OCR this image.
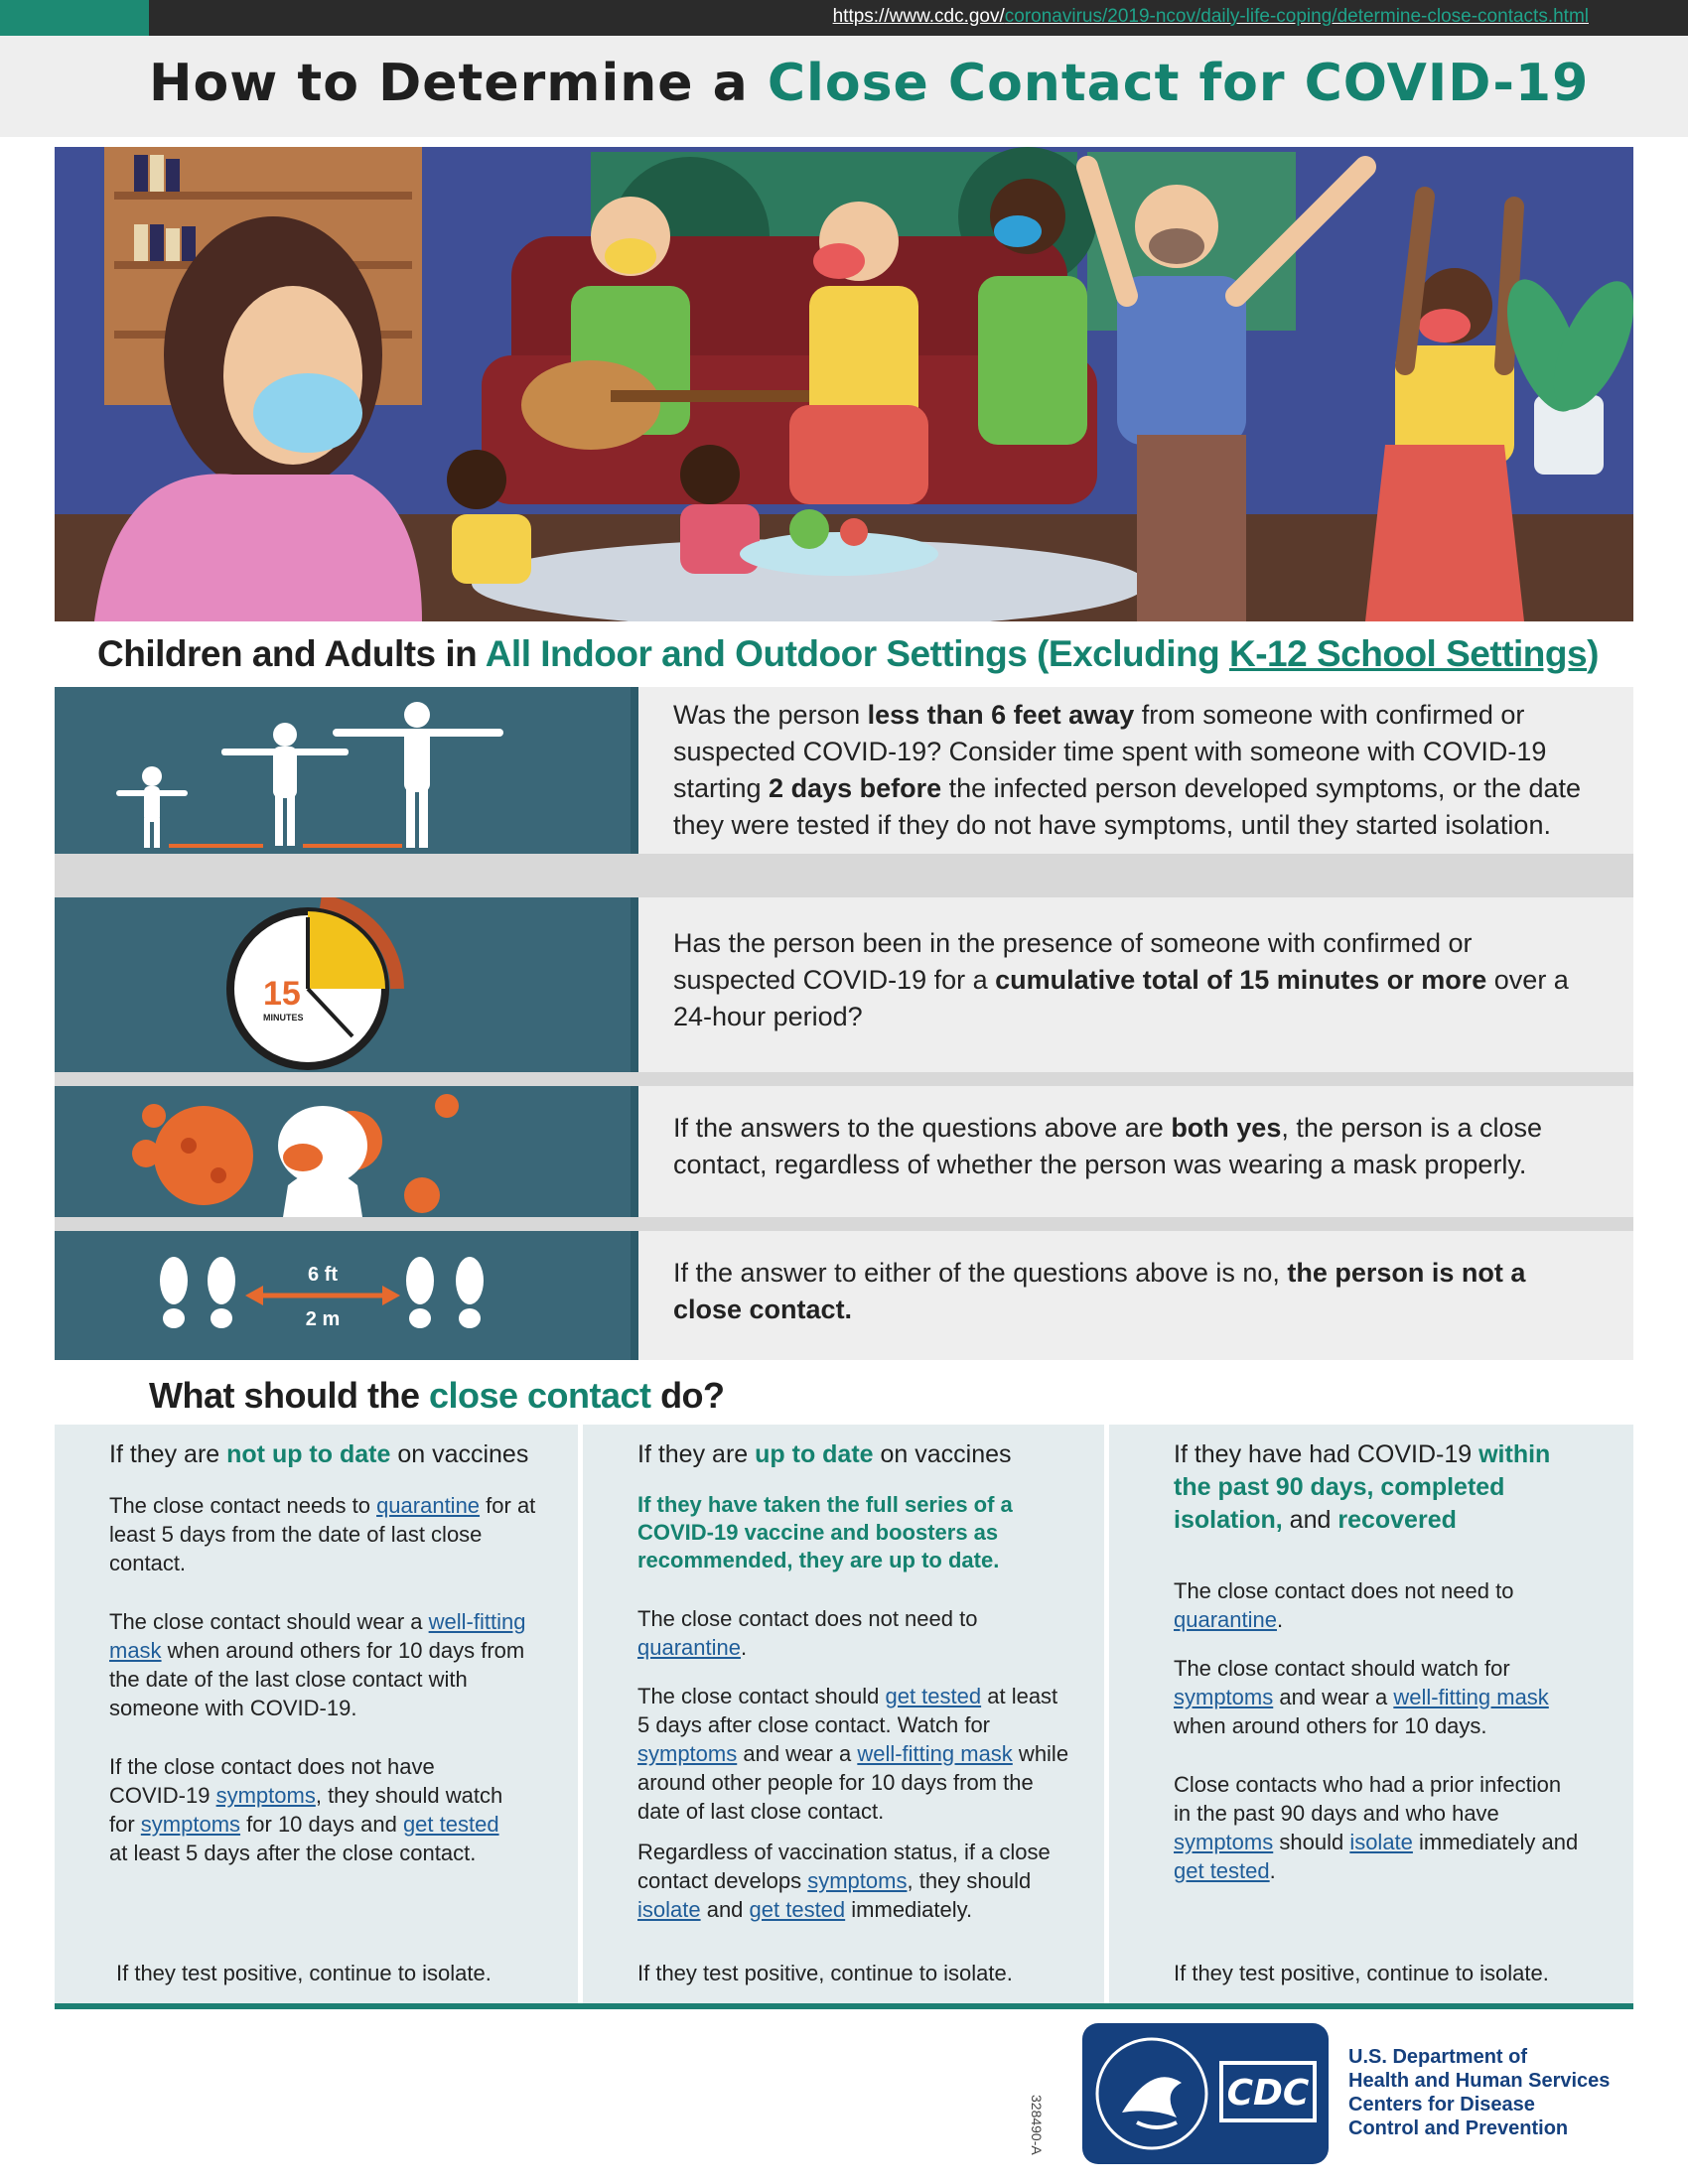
https://www.cdc.gov/coronavirus/2019-ncov/daily-life-coping/determine-close-contacts.html
How to Determine a Close Contact for COVID-19
Children and Adults in All Indoor and Outdoor Settings (Excluding K-12 School Settings)
Was the person less than 6 feet away from someone with confirmed or suspected COVID-19? Consider time spent with someone with COVID-19 starting 2 days before the infected person developed symptoms, or the date they were tested if they do not have symptoms, until they started isolation.
15
MINUTES
Has the person been in the presence of someone with confirmed or suspected COVID-19 for a cumulative total of 15 minutes or more over a 24-hour period?
If the answers to the questions above are both yes, the person is a close contact, regardless of whether the person was wearing a mask properly.
6 ft
2 m
If the answer to either of the questions above is no, the person is not a close contact.
What should the close contact do?
If they are not up to date on vaccines

The close contact needs to quarantine for at least 5 days from the date of last close contact.

The close contact should wear a well-fitting mask when around others for 10 days from the date of the last close contact with someone with COVID-19.

If the close contact does not have COVID-19 symptoms, they should watch for symptoms for 10 days and get tested at least 5 days after the close contact.

If they test positive, continue to isolate.

If they are up to date on vaccines

If they have taken the full series of a COVID-19 vaccine and boosters as recommended, they are up to date.

The close contact does not need to quarantine.

The close contact should get tested at least 5 days after close contact. Watch for symptoms and wear a well-fitting mask while around other people for 10 days from the date of last close contact.

Regardless of vaccination status, if a close contact develops symptoms, they should isolate and get tested immediately.

If they test positive, continue to isolate.

If they have had COVID-19 within the past 90 days, completed isolation, and recovered

The close contact does not need to quarantine.

The close contact should watch for symptoms and wear a well-fitting mask when around others for 10 days.

Close contacts who had a prior infection in the past 90 days and who have symptoms should isolate immediately and get tested.

If they test positive, continue to isolate.

328490-A
CDC
U.S. Department of
Health and Human Services
Centers for Disease
Control and Prevention
